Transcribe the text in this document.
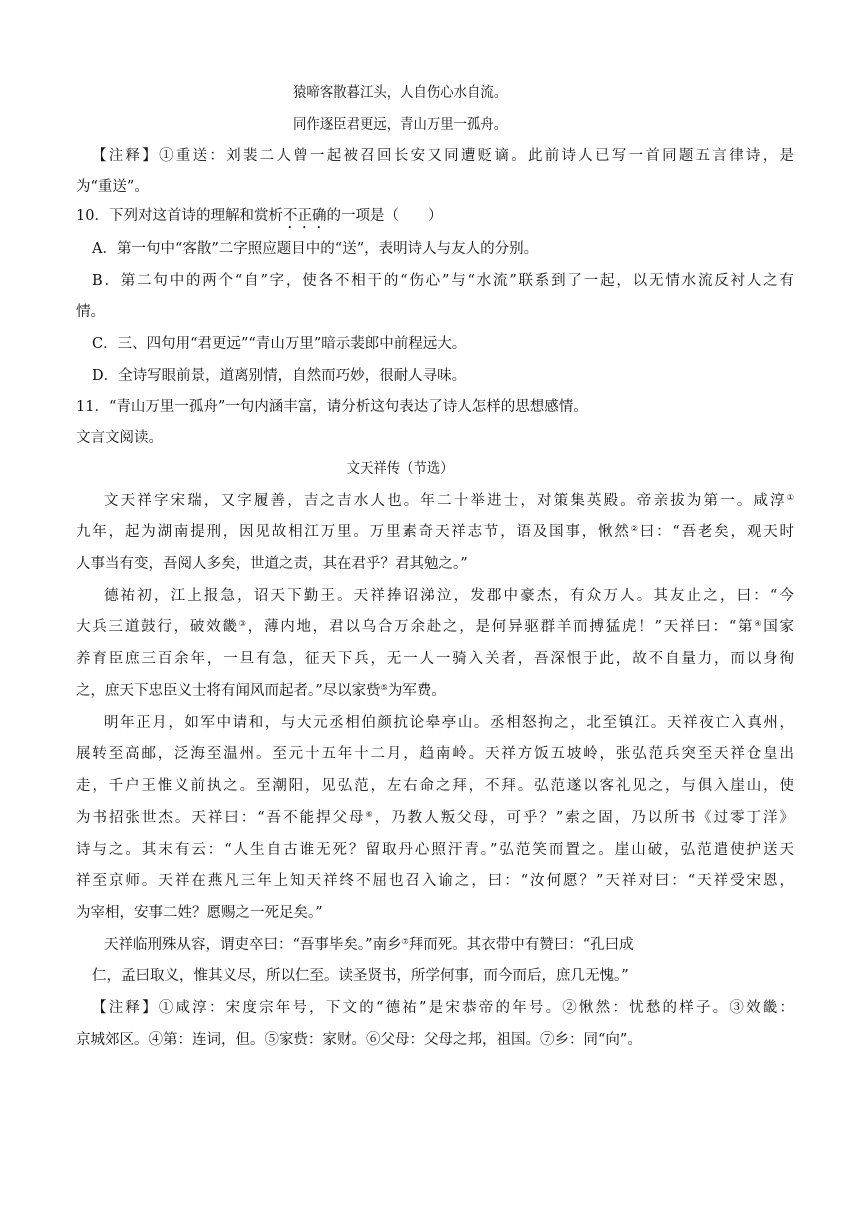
猿啼客散暮江头，人自伤心水自流。
同作逐臣君更远，青山万里一孤舟。
【注释】①重送：刘裴二人曾一起被召回长安又同遭贬谪。此前诗人已写一首同题五言律诗，是
为“重送”。
10．下列对这首诗的理解和赏析不正确的一项是（　　）
A．第一句中“客散”二字照应题目中的“送”，表明诗人与友人的分别。
B．第二句中的两个“自”字，使各不相干的“伤心”与“水流”联系到了一起，以无情水流反衬人之有
情。
C．三、四句用“君更远”“青山万里”暗示裴郎中前程远大。
D．全诗写眼前景，道离别情，自然而巧妙，很耐人寻味。
11．“青山万里一孤舟”一句内涵丰富，请分析这句表达了诗人怎样的思想感情。
文言文阅读。
文天祥传（节选）
文天祥字宋瑞，又字履善，吉之吉水人也。年二十举进士，对策集英殿。帝亲拔为第一。咸淳①
九年，起为湖南提刑，因见故相江万里。万里素奇天祥志节，语及国事，愀然②曰：“吾老矣，观天时
人事当有变，吾阅人多矣，世道之责，其在君乎？君其勉之。”
德祐初，江上报急，诏天下勤王。天祥捧诏涕泣，发郡中豪杰，有众万人。其友止之，曰：“今
大兵三道鼓行，破效畿③，薄内地，君以乌合万余赴之，是何异驱群羊而搏猛虎！”天祥曰：“第④国家
养育臣庶三百余年，一旦有急，征天下兵，无一人一骑入关者，吾深恨于此，故不自量力，而以身徇
之，庶天下忠臣义士将有闻风而起者。”尽以家赀⑤为军费。
明年正月，如军中请和，与大元丞相伯颜抗论皋亭山。丞相怒拘之，北至镇江。天祥夜亡入真州，
展转至高邮，泛海至温州。至元十五年十二月，趋南岭。天祥方饭五坡岭，张弘范兵突至天祥仓皇出
走，千户王惟义前执之。至潮阳，见弘范，左右命之拜，不拜。弘范遂以客礼见之，与俱入崖山，使
为书招张世杰。天祥曰：“吾不能捍父母⑥，乃教人叛父母，可乎？”索之固，乃以所书《过零丁洋》
诗与之。其末有云：“人生自古谁无死？留取丹心照汗青。”弘范笑而置之。崖山破，弘范遣使护送天
祥至京师。天祥在燕凡三年上知天祥终不屈也召入谕之，曰：“汝何愿？”天祥对曰：“天祥受宋恩，
为宰相，安事二姓？愿赐之一死足矣。”
天祥临刑殊从容，谓吏卒曰：“吾事毕矣。”南乡⑦拜而死。其衣带中有赞曰：“孔曰成
仁，孟曰取义，惟其义尽，所以仁至。读圣贤书，所学何事，而今而后，庶几无愧。”
【注释】①咸淳：宋度宗年号，下文的“德祐”是宋恭帝的年号。②愀然：忧愁的样子。③效畿：
京城郊区。④第：连词，但。⑤家赀：家财。⑥父母：父母之邦，祖国。⑦乡：同“向”。
